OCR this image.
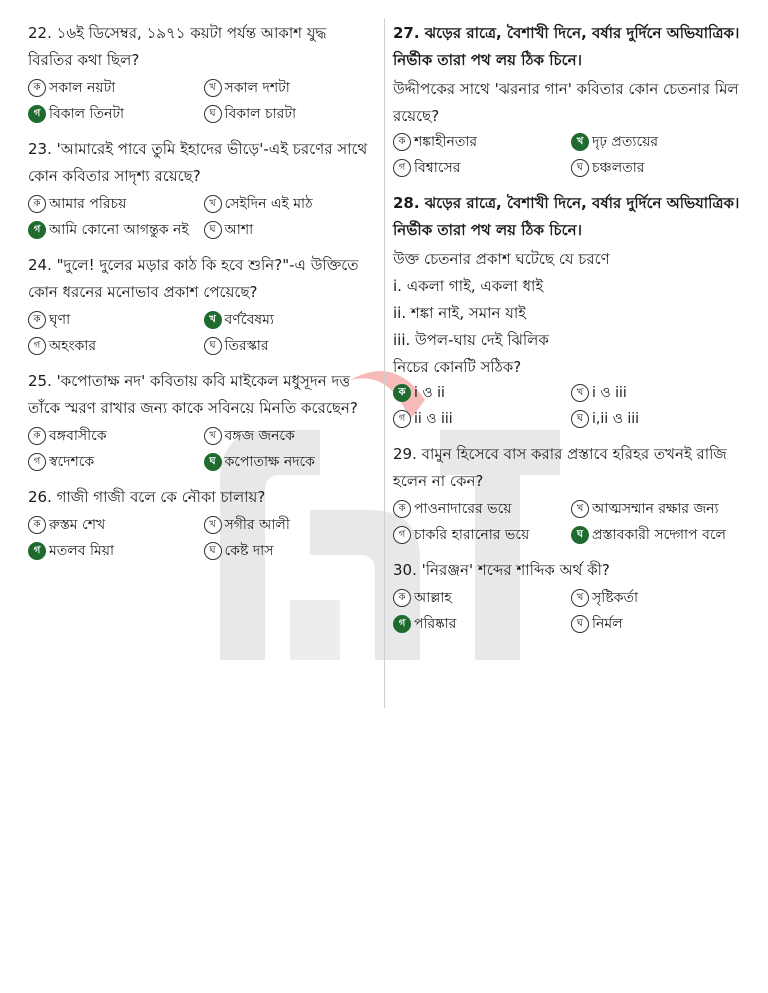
22. ১৬ই ডিসেম্বর, ১৯৭১ কয়টা পর্যন্ত আকাশ যুদ্ধ বিরতির কথা ছিল?

ক সকাল নয়টা	খ সকাল দশটা
গ বিকাল তিনটা	ঘ বিকাল চারটা

23. 'আমারেই পাবে তুমি ইহাদের ভীড়ে'-এই চরণের সাথে কোন কবিতার সাদৃশ্য রয়েছে?

ক আমার পরিচয়	খ সেইদিন এই মাঠ
গ আমি কোনো আগন্তুক নই	ঘ আশা

24. "দুলে! দুলের মড়ার কাঠ কি হবে শুনি?"-এ উক্তিতে কোন ধরনের মনোভাব প্রকাশ পেয়েছে?

ক ঘৃণা	খ বর্ণবৈষম্য
গ অহংকার	ঘ তিরস্কার

25. 'কপোতাক্ষ নদ' কবিতায় কবি মাইকেল মধুসূদন দত্ত তাঁকে স্মরণ রাখার জন্য কাকে সবিনয়ে মিনতি করেছেন?

ক বঙ্গবাসীকে	খ বঙ্গজ জনকে
গ স্বদেশকে	ঘ কপোতাক্ষ নদকে

26. গাজী গাজী বলে কে নৌকা চালায়?

ক রুস্তম শেখ	খ সগীর আলী
গ মতলব মিয়া	ঘ কেষ্ট দাস

27. ঝড়ের রাত্রে, বৈশাখী দিনে, বর্ষার দুর্দিনে অভিযাত্রিক। নির্ভীক তারা পথ লয় ঠিক চিনে।

উদ্দীপকের সাথে 'ঝরনার গান' কবিতার কোন চেতনার মিল রয়েছে?

ক শঙ্কাহীনতার	খ দৃঢ় প্রত্যয়ের
গ বিশ্বাসের	ঘ চঞ্চলতার

28. ঝড়ের রাত্রে, বৈশাখী দিনে, বর্ষার দুর্দিনে অভিযাত্রিক। নির্ভীক তারা পথ লয় ঠিক চিনে।

উক্ত চেতনার প্রকাশ ঘটেছে যে চরণে

i. একলা গাই, একলা ধাই
ii. শঙ্কা নাই, সমান যাই
iii. উপল-ঘায় দেই ঝিলিক

নিচের কোনটি সঠিক?

ক i ও ii	খ i ও iii
গ ii ও iii	ঘ i,ii ও iii

29. বামুন হিসেবে বাস করার প্রস্তাবে হরিহর তখনই রাজি হলেন না কেন?

ক পাওনাদারের ভয়ে	খ আত্মসম্মান রক্ষার জন্য
গ চাকরি হারানোর ভয়ে	ঘ প্রস্তাবকারী সদ্গোপ বলে

30. 'নিরঞ্জন' শব্দের শাব্দিক অর্থ কী?

ক আল্লাহ	খ সৃষ্টিকর্তা
গ পরিষ্কার	ঘ নির্মল
